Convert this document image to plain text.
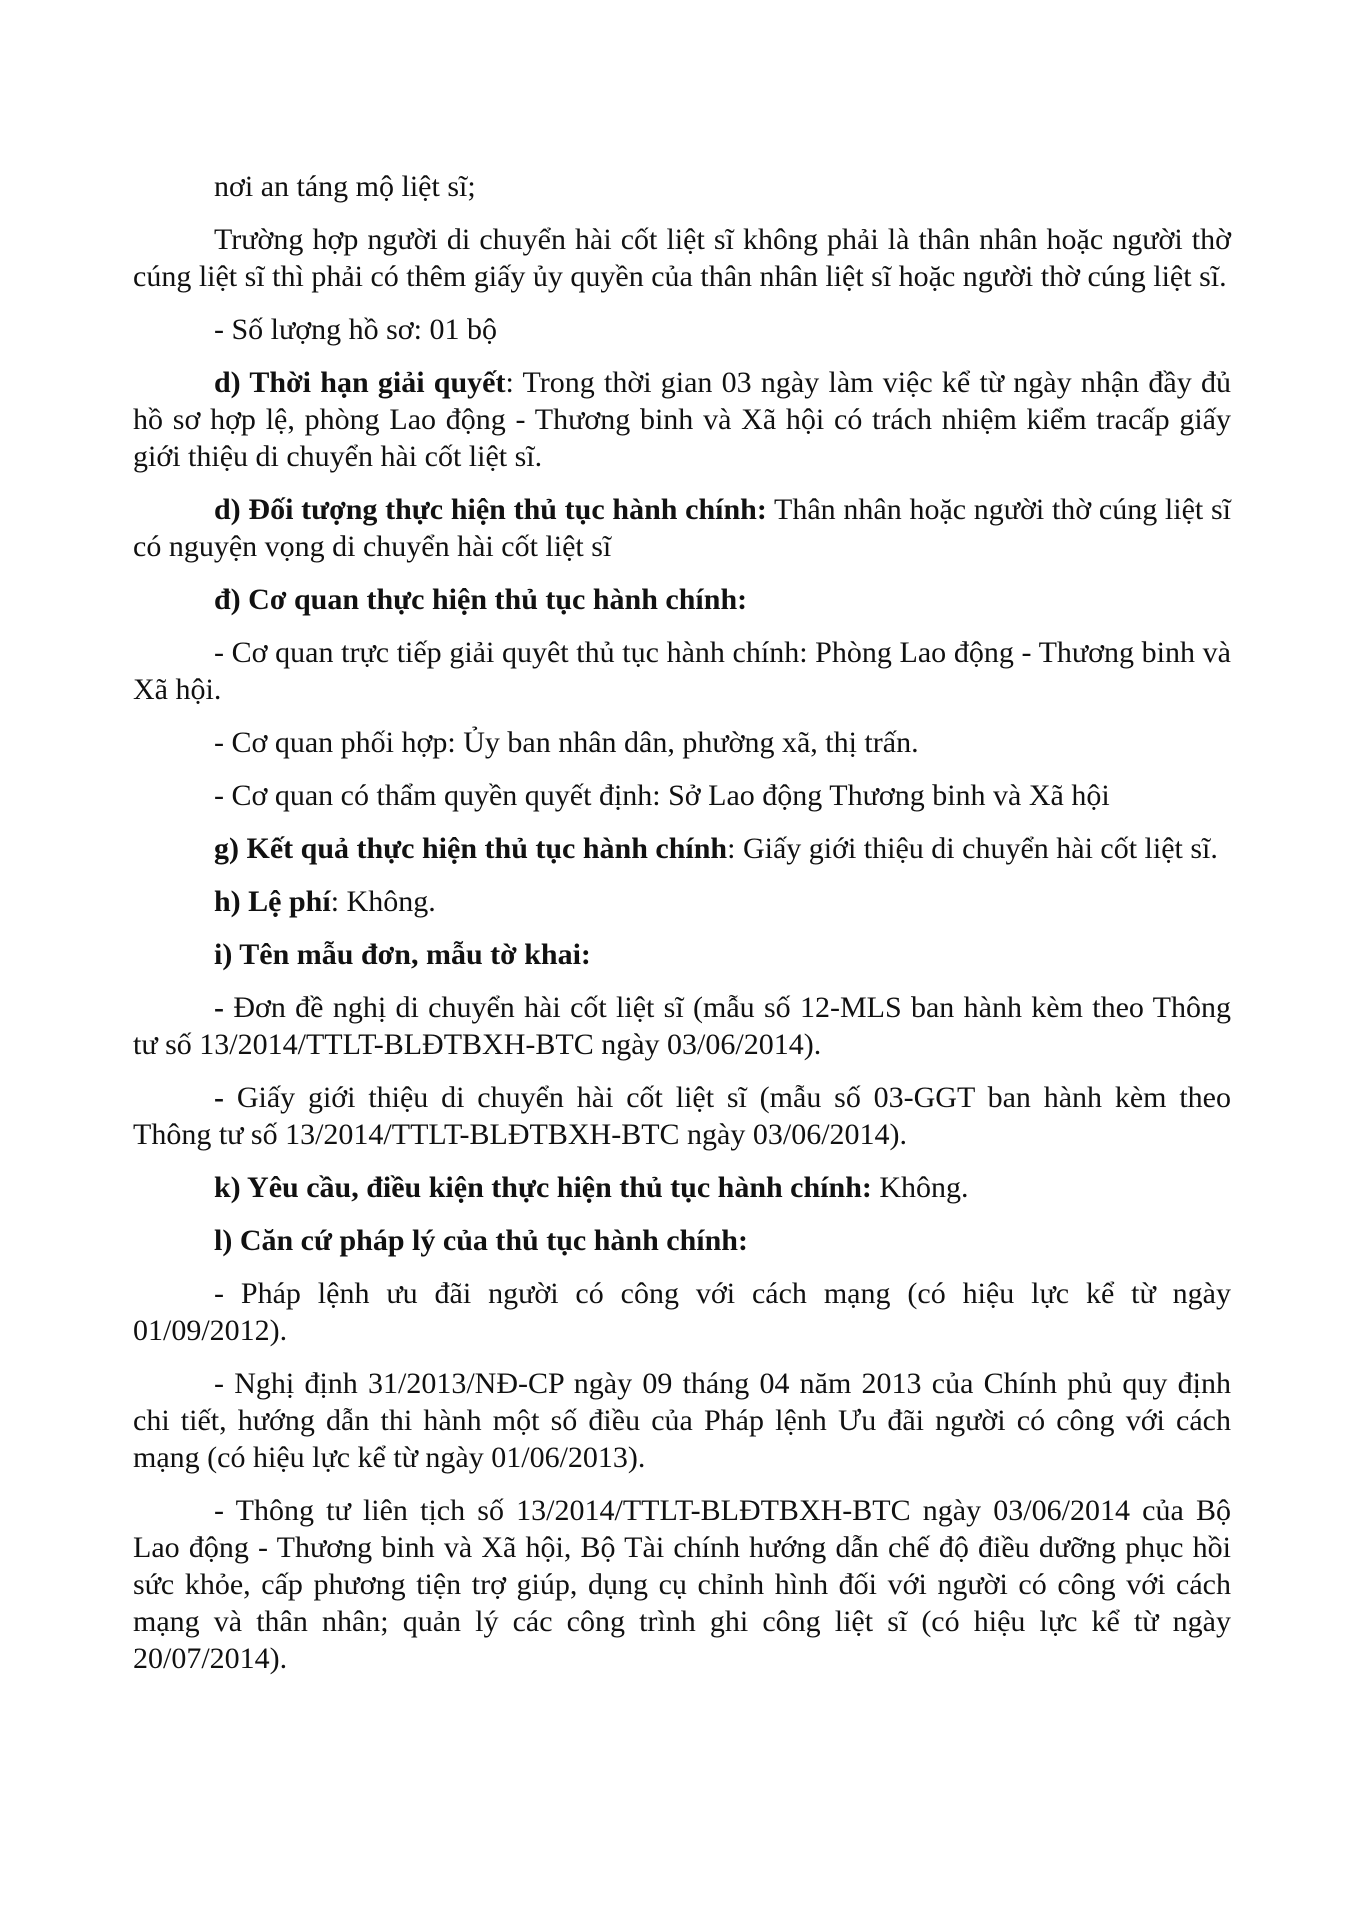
nơi an táng mộ liệt sĩ;

Trường hợp người di chuyển hài cốt liệt sĩ không phải là thân nhân hoặc người thờ cúng liệt sĩ thì phải có thêm giấy ủy quyền của thân nhân liệt sĩ hoặc người thờ cúng liệt sĩ.

- Số lượng hồ sơ: 01 bộ

d) Thời hạn giải quyết: Trong thời gian 03 ngày làm việc kể từ ngày nhận đầy đủ hồ sơ hợp lệ, phòng Lao động - Thương binh và Xã hội có trách nhiệm kiểm tracấp giấy giới thiệu di chuyển hài cốt liệt sĩ.

d) Đối tượng thực hiện thủ tục hành chính: Thân nhân hoặc người thờ cúng liệt sĩ có nguyện vọng di chuyển hài cốt liệt sĩ

đ) Cơ quan thực hiện thủ tục hành chính:

- Cơ quan trực tiếp giải quyêt thủ tục hành chính: Phòng Lao động - Thương binh và Xã hội.

- Cơ quan phối hợp: Ủy ban nhân dân, phường xã, thị trấn.

- Cơ quan có thẩm quyền quyết định: Sở Lao động Thương binh và Xã hội

g) Kết quả thực hiện thủ tục hành chính: Giấy giới thiệu di chuyển hài cốt liệt sĩ.

h) Lệ phí: Không.

i) Tên mẫu đơn, mẫu tờ khai:

- Đơn đề nghị di chuyển hài cốt liệt sĩ (mẫu số 12-MLS ban hành kèm theo Thông tư số 13/2014/TTLT-BLĐTBXH-BTC ngày 03/06/2014).

- Giấy giới thiệu di chuyển hài cốt liệt sĩ (mẫu số 03-GGT ban hành kèm theo Thông tư số 13/2014/TTLT-BLĐTBXH-BTC ngày 03/06/2014).

k) Yêu cầu, điều kiện thực hiện thủ tục hành chính: Không.

l) Căn cứ pháp lý của thủ tục hành chính:

- Pháp lệnh ưu đãi người có công với cách mạng (có hiệu lực kể từ ngày 01/09/2012).

- Nghị định 31/2013/NĐ-CP ngày 09 tháng 04 năm 2013 của Chính phủ quy định chi tiết, hướng dẫn thi hành một số điều của Pháp lệnh Ưu đãi người có công với cách mạng (có hiệu lực kể từ ngày 01/06/2013).

- Thông tư liên tịch số 13/2014/TTLT-BLĐTBXH-BTC ngày 03/06/2014 của Bộ Lao động - Thương binh và Xã hội, Bộ Tài chính hướng dẫn chế độ điều dưỡng phục hồi sức khỏe, cấp phương tiện trợ giúp, dụng cụ chỉnh hình đối với người có công với cách mạng và thân nhân; quản lý các công trình ghi công liệt sĩ (có hiệu lực kể từ ngày 20/07/2014).
